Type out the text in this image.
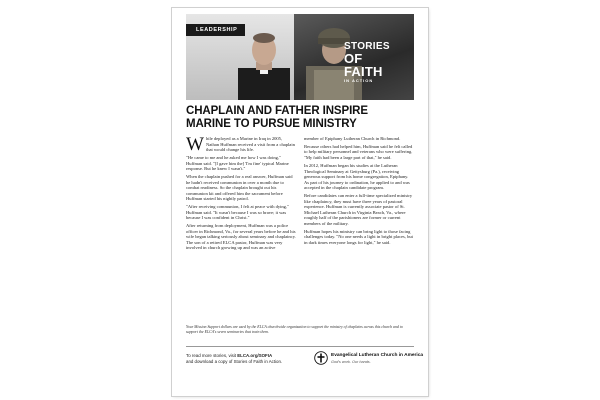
LEADERSHIP
STORIES
OF FAITH
IN ACTION
CHAPLAIN AND FATHER INSPIRE MARINE TO PURSUE MINISTRY

While deployed as a Marine in Iraq in 2005, Nathan Huffman received a visit from a chaplain that would change his life.

"He came to me and he asked me how I was doing," Huffman said. "[I gave him the] 'I'm fine' typical Marine response. But he knew I wasn't."

When the chaplain pushed for a real answer, Huffman said he hadn't received communion in over a month due to combat readiness. So the chaplain brought out his communion kit and offered him the sacrament before Huffman started his nightly patrol.

"After receiving communion, I felt at peace with dying," Huffman said. "It wasn't because I was so brave; it was because I was confident in Christ."

After returning from deployment, Huffman was a police officer in Richmond, Va., for several years before he and his wife began talking seriously about seminary and chaplaincy. The son of a retired ELCA pastor, Huffman was very involved in church growing up and was an active

member of Epiphany Lutheran Church in Richmond.

Because others had helped him, Huffman said he felt called to help military personnel and veterans who were suffering. "My faith had been a large part of that," he said.

In 2012, Huffman began his studies at the Lutheran Theological Seminary at Gettysburg (Pa.), receiving generous support from his home congregation, Epiphany. As part of his journey to ordination, he applied to and was accepted in the chaplain candidate program.

Before candidates can enter a full-time specialized ministry like chaplaincy, they must have three years of pastoral experience. Huffman is currently associate pastor of St. Michael Lutheran Church in Virginia Beach, Va., where roughly half of the parishioners are former or current members of the military.

Huffman hopes his ministry can bring light to those facing challenges today. "No one needs a light in bright places, but in dark times everyone longs for light," he said.

Your Mission Support dollars are used by the ELCA churchwide organization to support the ministry of chaplains across this church and to support the ELCA's seven seminaries that train them.
To read more stories, visit ELCA.org/SOFIA
and download a copy of Stories of Faith in Action.
Evangelical Lutheran Church in America
God's work. Our hands.
